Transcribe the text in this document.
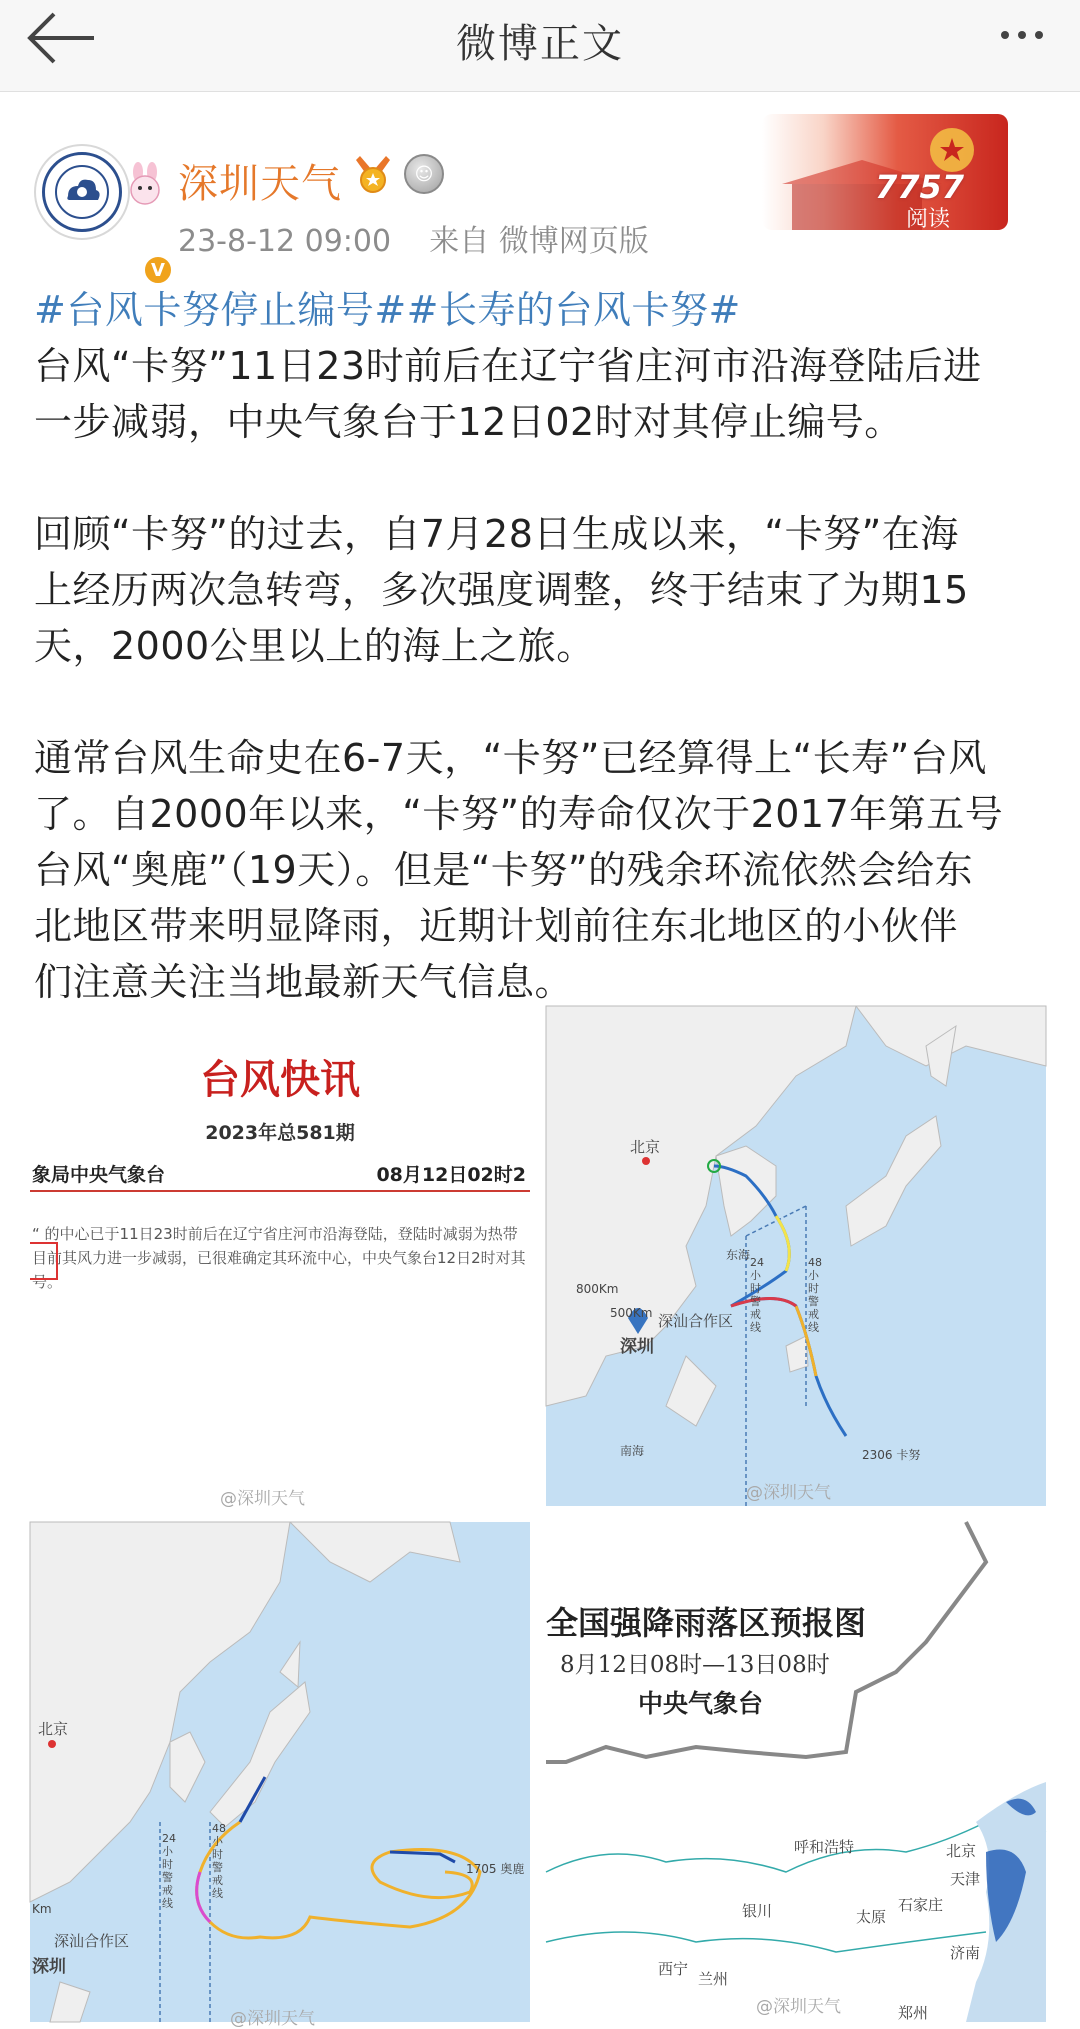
微博正文
V
深圳天气	☺
23-8-12 09:00 来自 微博网页版
7757
阅读

#台风卡努停止编号##长寿的台风卡努#

台风“卡努”11日23时前后在辽宁省庄河市沿海登陆后进

一步减弱，中央气象台于12日02时对其停止编号。

回顾“卡努”的过去，自7月28日生成以来，“卡努”在海

上经历两次急转弯，多次强度调整，终于结束了为期15

天，2000公里以上的海上之旅。

通常台风生命史在6-7天，“卡努”已经算得上“长寿”台风

了。自2000年以来，“卡努”的寿命仅次于2017年第五号

台风“奥鹿”（19天）。但是“卡努”的残余环流依然会给东

北地区带来明显降雨，近期计划前往东北地区的小伙伴

们注意关注当地最新天气信息。

台风快讯
2023年总581期
象局中央气象台	08月12日02时2
“ 的中心已于11日23时前后在辽宁省庄河市沿海登陆，登陆时减弱为热带
目前其风力进一步减弱，已很难确定其环流中心，中央气象台12日2时对其
号。
@深圳天气
北京
深圳
深汕合作区
东海
南海
800Km
500Km
24小时警戒线
48小时警戒线
2306 卡努
@深圳天气
北京
深圳
深汕合作区
Km
24小时警戒线
48小时警戒线
1705 奥鹿
@深圳天气
全国强降雨落区预报图
8月12日08时—13日08时
中央气象台
呼和浩特	北京
天津
石家庄
太原
银川
兰州
西宁
济南
郑州
@深圳天气
